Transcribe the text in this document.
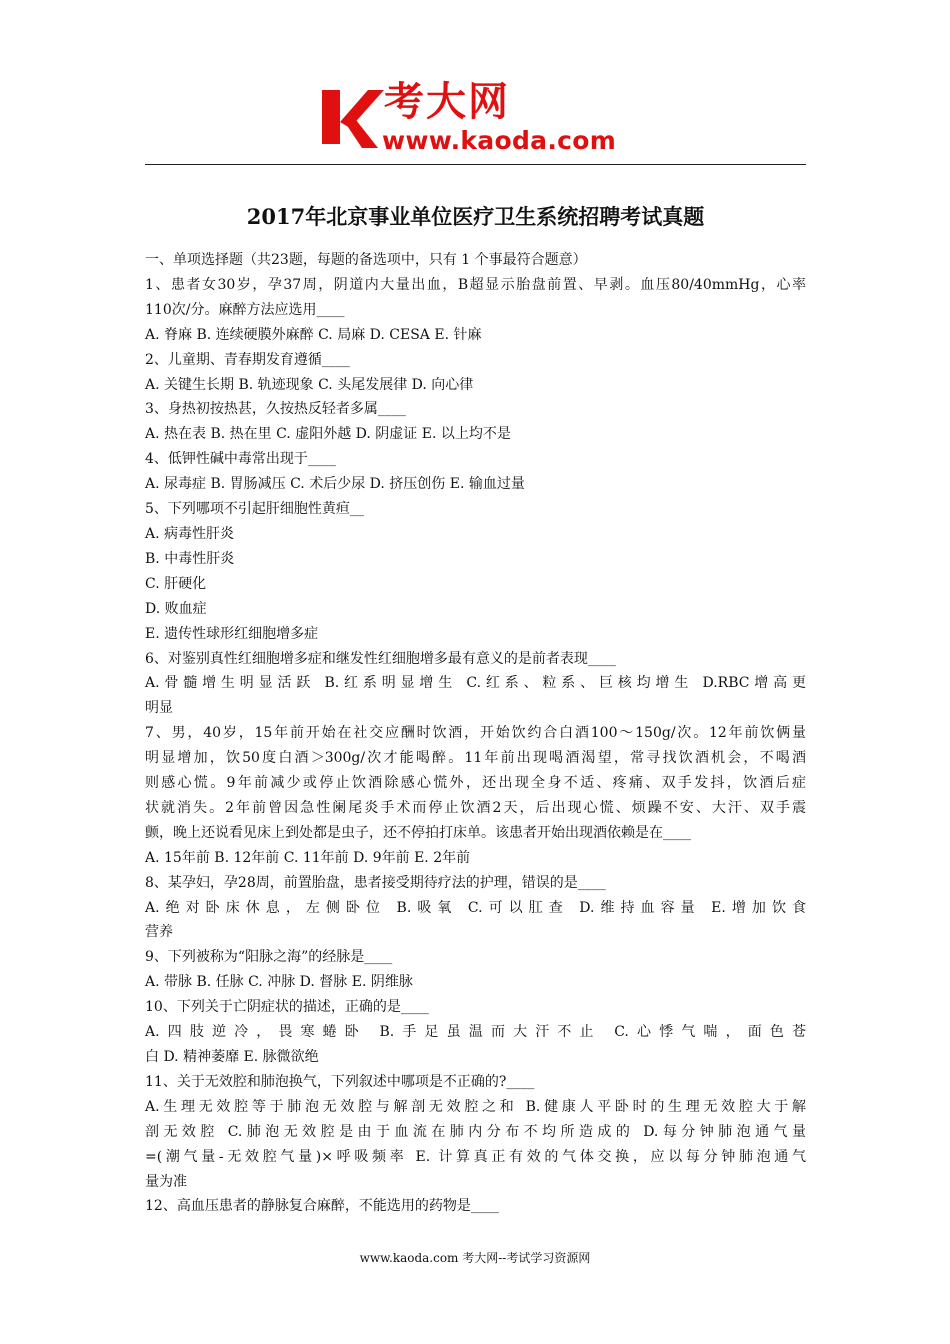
考大网
www.kaoda.com
2017年北京事业单位医疗卫生系统招聘考试真题
一、单项选择题（共23题，每题的备选项中，只有 1 个事最符合题意）
1、患者女30岁，孕37周，阴道内大量出血，B超显示胎盘前置、早剥。血压80/40mmHg，心率
110次/分。麻醉方法应选用____
A. 脊麻 B. 连续硬膜外麻醉 C. 局麻 D. CESA E. 针麻
2、儿童期、青春期发育遵循____
A. 关键生长期 B. 轨迹现象 C. 头尾发展律 D. 向心律
3、身热初按热甚，久按热反轻者多属____
A. 热在表 B. 热在里 C. 虚阳外越 D. 阴虚证 E. 以上均不是
4、低钾性碱中毒常出现于____
A. 尿毒症 B. 胃肠减压 C. 术后少尿 D. 挤压创伤 E. 输血过量
5、下列哪项不引起肝细胞性黄疸__
A. 病毒性肝炎
B. 中毒性肝炎
C. 肝硬化
D. 败血症
E. 遗传性球形红细胞增多症
6、对鉴别真性红细胞增多症和继发性红细胞增多最有意义的是前者表现____
A.骨髓增生明显活跃 B.红系明显增生 C.红系、粒系、巨核均增生 D.RBC增高更
明显
7、男，40岁，15年前开始在社交应酬时饮酒，开始饮约合白酒100～150g/次。12年前饮俩量
明显增加，饮50度白酒＞300g/次才能喝醉。11年前出现喝酒渴望，常寻找饮酒机会，不喝酒
则感心慌。9年前减少或停止饮酒除感心慌外，还出现全身不适、疼痛、双手发抖，饮酒后症
状就消失。2年前曾因急性阑尾炎手术而停止饮酒2天，后出现心慌、烦躁不安、大汗、双手震
颤，晚上还说看见床上到处都是虫子，还不停拍打床单。该患者开始出现酒依赖是在____
A. 15年前 B. 12年前 C. 11年前 D. 9年前 E. 2年前
8、某孕妇，孕28周，前置胎盘，患者接受期待疗法的护理，错误的是____
A.绝对卧床休息，左侧卧位 B.吸氧 C.可以肛查 D.维持血容量 E.增加饮食
营养
9、下列被称为“阳脉之海”的经脉是____
A. 带脉 B. 任脉 C. 冲脉 D. 督脉 E. 阴维脉
10、下列关于亡阴症状的描述，正确的是____
A.四肢逆冷，畏寒蜷卧 B.手足虽温而大汗不止 C.心悸气喘，面色苍
白 D. 精神萎靡 E. 脉微欲绝
11、关于无效腔和肺泡换气，下列叙述中哪项是不正确的?____
A.生理无效腔等于肺泡无效腔与解剖无效腔之和 B.健康人平卧时的生理无效腔大于解
剖无效腔 C.肺泡无效腔是由于血流在肺内分布不均所造成的 D.每分钟肺泡通气量
=(潮气量-无效腔气量)×呼吸频率 E. 计算真正有效的气体交换，应以每分钟肺泡通气
量为准
12、高血压患者的静脉复合麻醉，不能选用的药物是____
www.kaoda.com 考大网--考试学习资源网
